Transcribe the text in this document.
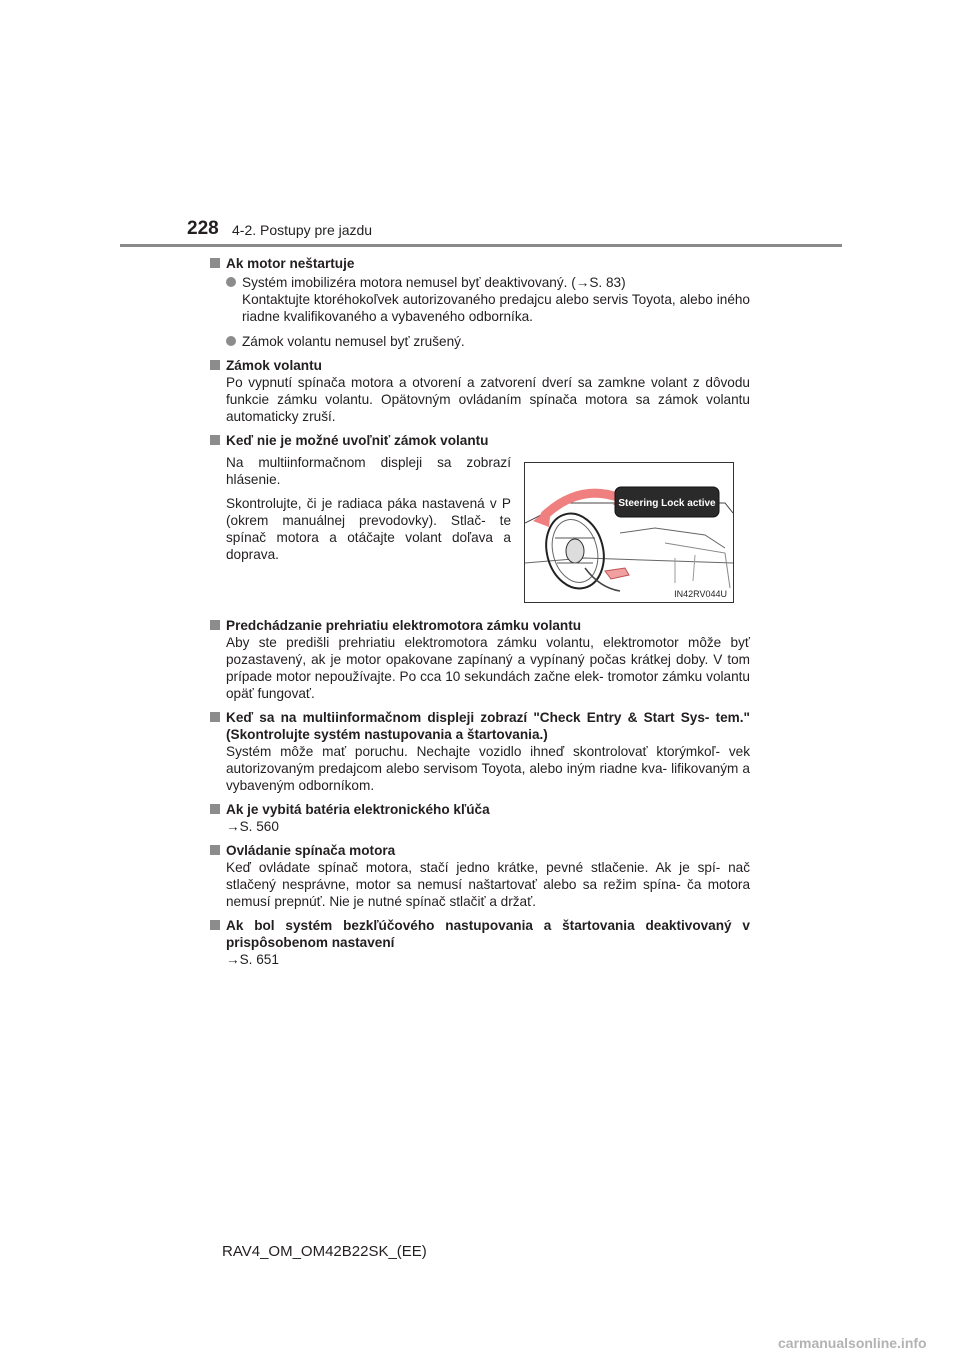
228 4-2. Postupy pre jazdu
Ak motor neštartuje
Systém imobilizéra motora nemusel byť deaktivovaný. (→S. 83)
Kontaktujte ktoréhokoľvek autorizovaného predajcu alebo servis Toyota, alebo iného riadne kvalifikovaného a vybaveného odborníka.
Zámok volantu nemusel byť zrušený.
Zámok volantu
Po vypnutí spínača motora a otvorení a zatvorení dverí sa zamkne volant z dôvodu funkcie zámku volantu. Opätovným ovládaním spínača motora sa zámok volantu automaticky zruší.
Keď nie je možné uvoľniť zámok volantu

Na multiinformačnom displeji sa zobrazí hlásenie.

Skontrolujte, či je radiaca páka nastavená v P (okrem manuálnej prevodovky). Stlač- te spínač motora a otáčajte volant doľava a doprava.

Predchádzanie prehriatiu elektromotora zámku volantu
Aby ste predišli prehriatiu elektromotora zámku volantu, elektromotor môže byť pozastavený, ak je motor opakovane zapínaný a vypínaný počas krátkej doby. V tom prípade motor nepoužívajte. Po cca 10 sekundách začne elek- tromotor zámku volantu opäť fungovať.
Keď sa na multiinformačnom displeji zobrazí "Check Entry & Start Sys- tem." (Skontrolujte systém nastupovania a štartovania.)
Systém môže mať poruchu. Nechajte vozidlo ihneď skontrolovať ktorýmkoľ- vek autorizovaným predajcom alebo servisom Toyota, alebo iným riadne kva- lifikovaným a vybaveným odborníkom.
Ak je vybitá batéria elektronického kľúča
→S. 560
Ovládanie spínača motora
Keď ovládate spínač motora, stačí jedno krátke, pevné stlačenie. Ak je spí- nač stlačený nesprávne, motor sa nemusí naštartovať alebo sa režim spína- ča motora nemusí prepnúť. Nie je nutné spínač stlačiť a držať.
Ak bol systém bezkľúčového nastupovania a štartovania deaktivovaný v prispôsobenom nastavení
→S. 651
Steering Lock active
IN42RV044U
RAV4_OM_OM42B22SK_(EE)
carmanualsonline.info
